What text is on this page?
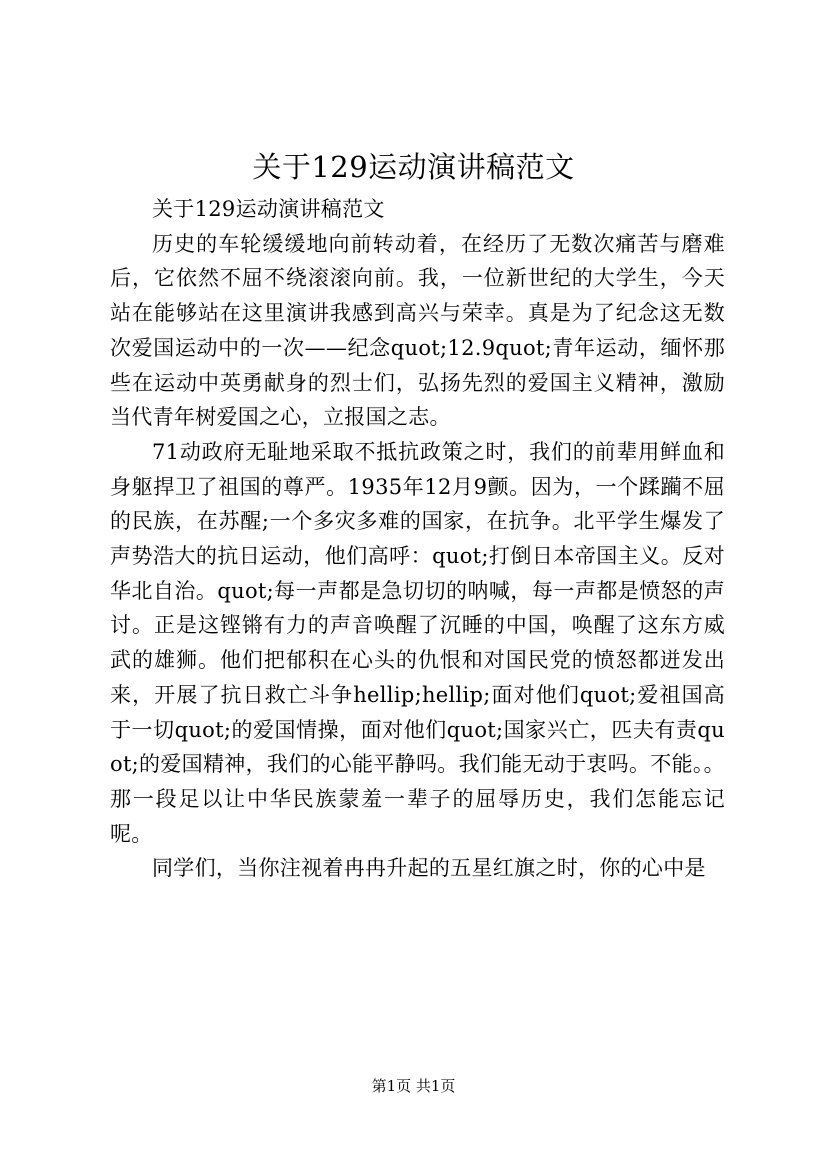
关于129运动演讲稿范文

关于129运动演讲稿范文

历史的车轮缓缓地向前转动着，在经历了无数次痛苦与磨难后，它依然不屈不绕滚滚向前。我，一位新世纪的大学生，今天站在能够站在这里演讲我感到高兴与荣幸。真是为了纪念这无数次爱国运动中的一次——纪念quot;12.9quot;青年运动，缅怀那些在运动中英勇献身的烈士们，弘扬先烈的爱国主义精神，激励当代青年树爱国之心，立报国之志。

71动政府无耻地采取不抵抗政策之时，我们的前辈用鲜血和身躯捍卫了祖国的尊严。1935年12月9颤。因为，一个蹂躏不屈的民族，在苏醒;一个多灾多难的国家，在抗争。北平学生爆发了声势浩大的抗日运动，他们高呼：quot;打倒日本帝国主义。反对华北自治。quot;每一声都是急切切的呐喊，每一声都是愤怒的声讨。正是这铿锵有力的声音唤醒了沉睡的中国，唤醒了这东方威武的雄狮。他们把郁积在心头的仇恨和对国民党的愤怒都迸发出来，开展了抗日救亡斗争hellip;hellip;面对他们quot;爱祖国高于一切quot;的爱国情操，面对他们quot;国家兴亡，匹夫有责quot;的爱国精神，我们的心能平静吗。我们能无动于衷吗。不能。。那一段足以让中华民族蒙羞一辈子的屈辱历史，我们怎能忘记呢。

同学们，当你注视着冉冉升起的五星红旗之时，你的心中是

第1页 共1页
